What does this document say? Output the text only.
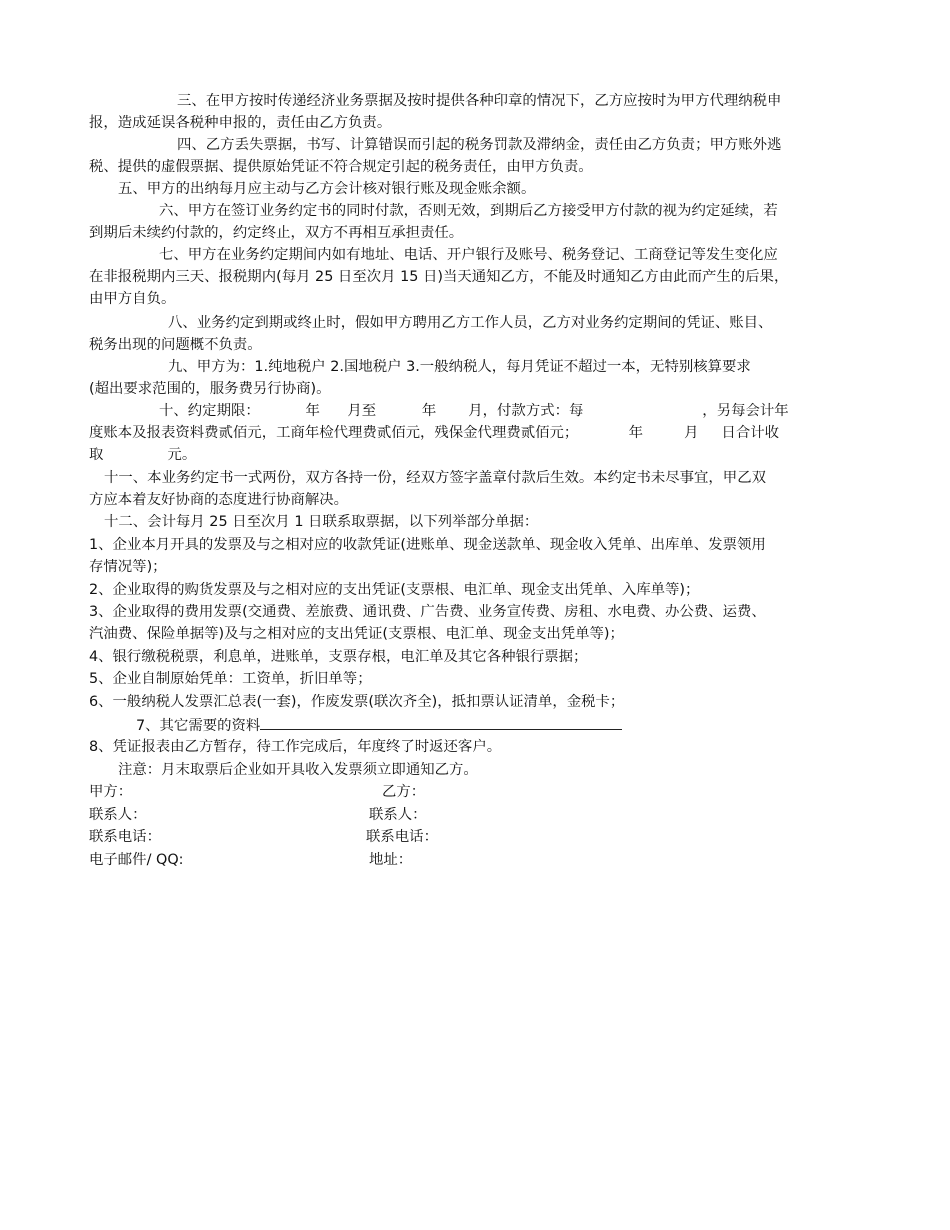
三、在甲方按时传递经济业务票据及按时提供各种印章的情况下，乙方应按时为甲方代理纳税申
报，造成延误各税种申报的，责任由乙方负责。
四、乙方丢失票据，书写、计算错误而引起的税务罚款及滞纳金，责任由乙方负责；甲方账外逃
税、提供的虚假票据、提供原始凭证不符合规定引起的税务责任，由甲方负责。
五、甲方的出纳每月应主动与乙方会计核对银行账及现金账余额。
六、甲方在签订业务约定书的同时付款，否则无效，到期后乙方接受甲方付款的视为约定延续，若
到期后未续约付款的，约定终止，双方不再相互承担责任。
七、甲方在业务约定期间内如有地址、电话、开户银行及账号、税务登记、工商登记等发生变化应
在非报税期内三天、报税期内(每月 25 日至次月 15 日)当天通知乙方，不能及时通知乙方由此而产生的后果，
由甲方自负。
八、业务约定到期或终止时，假如甲方聘用乙方工作人员，乙方对业务约定期间的凭证、账目、
税务出现的问题概不负责。
九、甲方为：1.纯地税户 2.国地税户 3.一般纳税人，每月凭证不超过一本，无特别核算要求
(超出要求范围的，服务费另行协商)。
十、约定期限：          年      月至          年       月，付款方式：每                          ，另每会计年
度账本及报表资料费贰佰元，工商年检代理费贰佰元，残保金代理费贰佰元；           年         月     日合计收
取              元。
十一、本业务约定书一式两份，双方各持一份，经双方签字盖章付款后生效。本约定书未尽事宜，甲乙双
方应本着友好协商的态度进行协商解决。
十二、会计每月 25 日至次月 1 日联系取票据，以下列举部分单据：
1、企业本月开具的发票及与之相对应的收款凭证(进账单、现金送款单、现金收入凭单、出库单、发票领用
存情况等)；
2、企业取得的购货发票及与之相对应的支出凭证(支票根、电汇单、现金支出凭单、入库单等)；
3、企业取得的费用发票(交通费、差旅费、通讯费、广告费、业务宣传费、房租、水电费、办公费、运费、
汽油费、保险单据等)及与之相对应的支出凭证(支票根、电汇单、现金支出凭单等)；
4、银行缴税税票，利息单，进账单，支票存根，电汇单及其它各种银行票据；
5、企业自制原始凭单：工资单，折旧单等；
6、一般纳税人发票汇总表(一套)，作废发票(联次齐全)，抵扣票认证清单，金税卡；
7、其它需要的资料
8、凭证报表由乙方暂存，待工作完成后，年度终了时返还客户。
注意：月末取票后企业如开具收入发票须立即通知乙方。
甲方：	乙方：
联系人：	联系人：
联系电话：	联系电话：
电子邮件/ QQ:	地址：
